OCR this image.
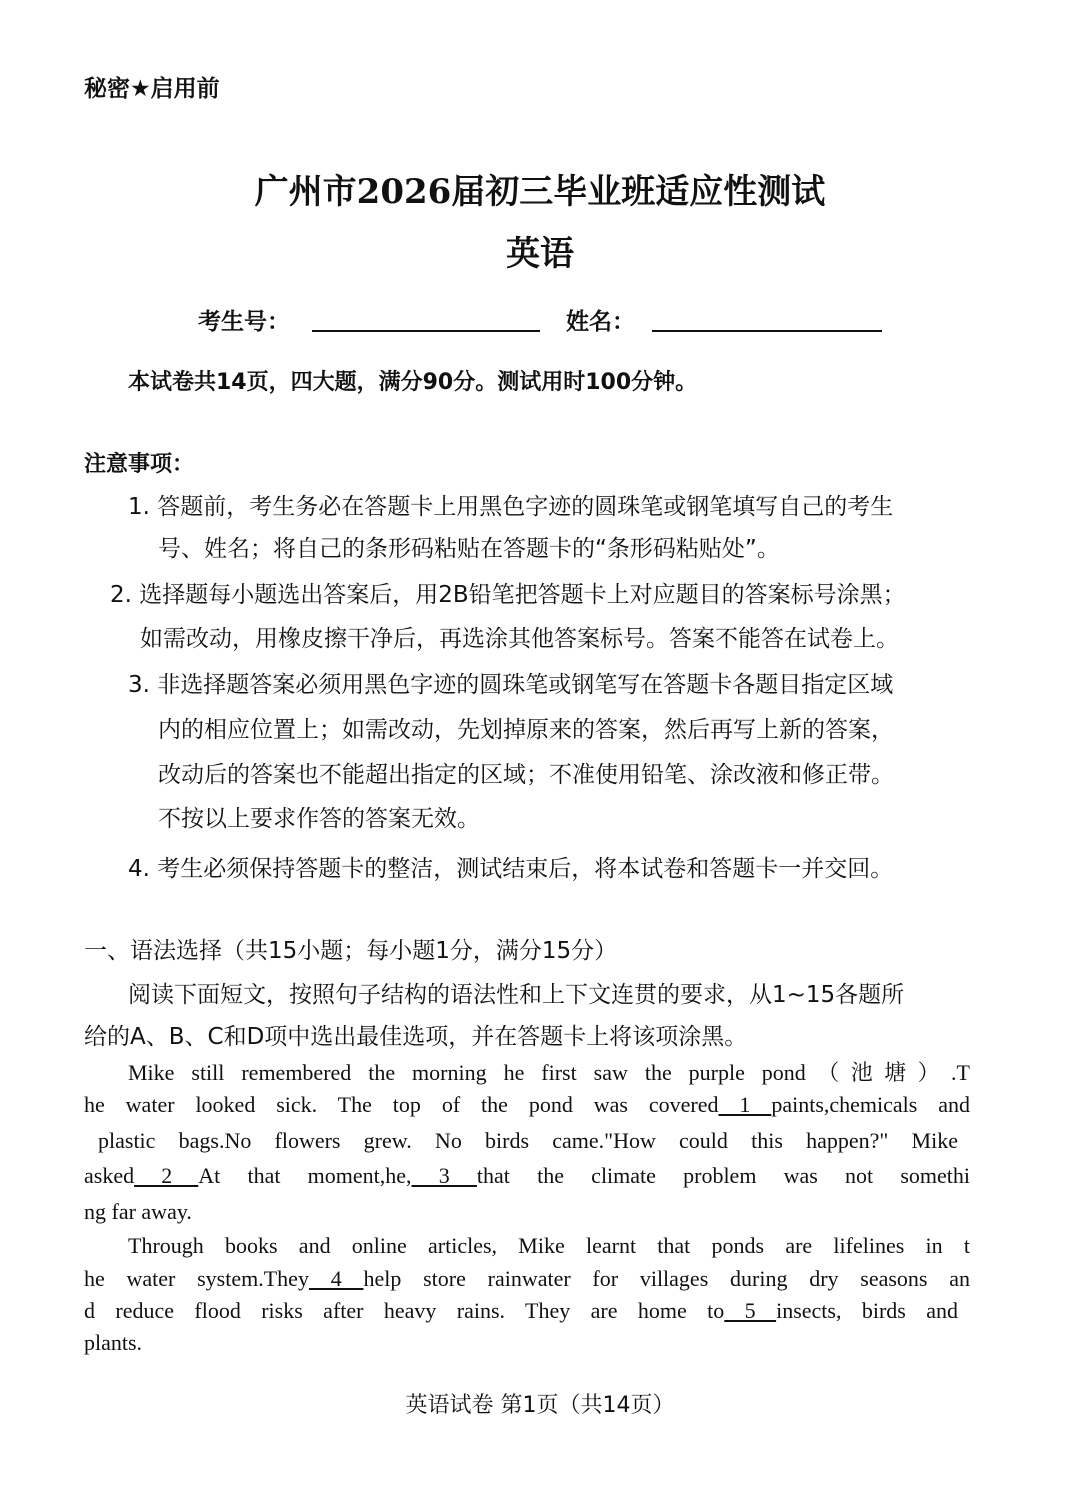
秘密★启用前
广州市2026届初三毕业班适应性测试
英语
考生号：	姓名：
本试卷共14页，四大题，满分90分。测试用时100分钟。
注意事项：
1. 答题前，考生务必在答题卡上用黑色字迹的圆珠笔或钢笔填写自己的考生
号、姓名；将自己的条形码粘贴在答题卡的“条形码粘贴处”。
2. 选择题每小题选出答案后，用2B铅笔把答题卡上对应题目的答案标号涂黑；
如需改动，用橡皮擦干净后，再选涂其他答案标号。答案不能答在试卷上。
3. 非选择题答案必须用黑色字迹的圆珠笔或钢笔写在答题卡各题目指定区域
内的相应位置上；如需改动，先划掉原来的答案，然后再写上新的答案，
改动后的答案也不能超出指定的区域；不准使用铅笔、涂改液和修正带。
不按以上要求作答的答案无效。
4. 考生必须保持答题卡的整洁，测试结束后，将本试卷和答题卡一并交回。
一、语法选择（共15小题；每小题1分，满分15分）
阅读下面短文，按照句子结构的语法性和上下文连贯的要求，从1~15各题所
给的A、B、C和D项中选出最佳选项，并在答题卡上将该项涂黑。
Mike still remembered the morning he first saw the purple pond（池塘）.T
he water looked sick. The top of the pond was covered 1 paints,chemicals and
plastic bags.No flowers grew. No birds came."How could this happen?" Mike
asked 2 At that moment,he, 3 that the climate problem was not somethi
ng far away.
Through books and online articles, Mike learnt that ponds are lifelines in t
he water system.They 4 help store rainwater for villages during dry seasons an
d reduce flood risks after heavy rains. They are home to 5 insects, birds and
plants.
英语试卷 第1页（共14页）
